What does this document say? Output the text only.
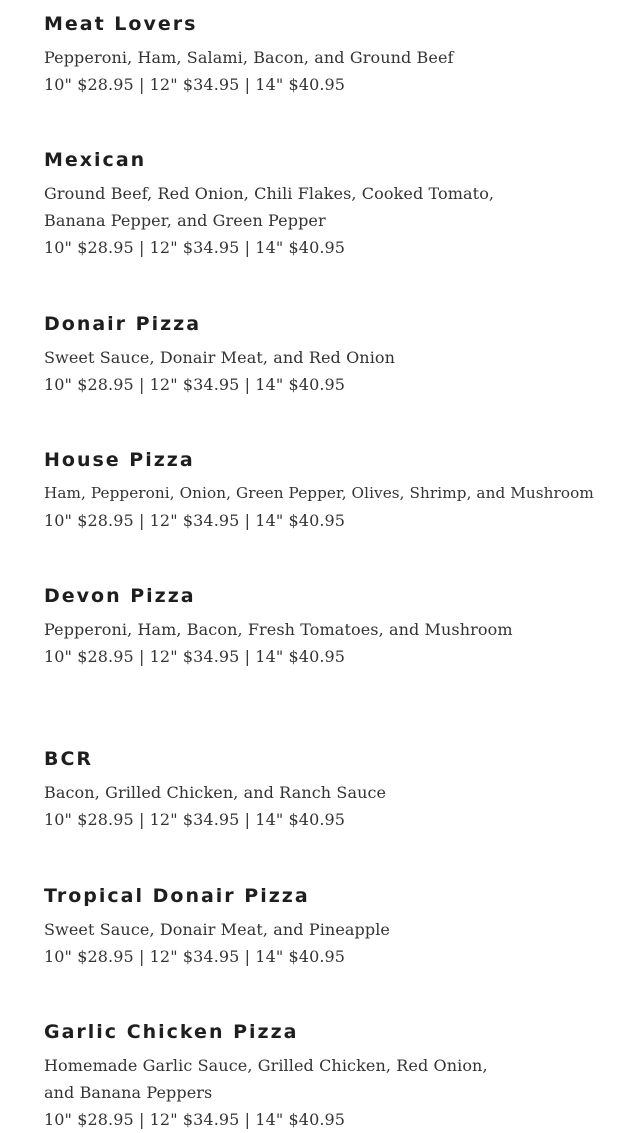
Meat Lovers
Pepperoni, Ham, Salami, Bacon, and Ground Beef
10" $28.95 | 12" $34.95 | 14" $40.95
Mexican
Ground Beef, Red Onion, Chili Flakes, Cooked Tomato,
Banana Pepper, and Green Pepper
10" $28.95 | 12" $34.95 | 14" $40.95
Donair Pizza
Sweet Sauce, Donair Meat, and Red Onion
10" $28.95 | 12" $34.95 | 14" $40.95
House Pizza
Ham, Pepperoni, Onion, Green Pepper, Olives, Shrimp, and Mushroom
10" $28.95 | 12" $34.95 | 14" $40.95
Devon Pizza
Pepperoni, Ham, Bacon, Fresh Tomatoes, and Mushroom
10" $28.95 | 12" $34.95 | 14" $40.95
BCR
Bacon, Grilled Chicken, and Ranch Sauce
10" $28.95 | 12" $34.95 | 14" $40.95
Tropical Donair Pizza
Sweet Sauce, Donair Meat, and Pineapple
10" $28.95 | 12" $34.95 | 14" $40.95
Garlic Chicken Pizza
Homemade Garlic Sauce, Grilled Chicken, Red Onion,
and Banana Peppers
10" $28.95 | 12" $34.95 | 14" $40.95
